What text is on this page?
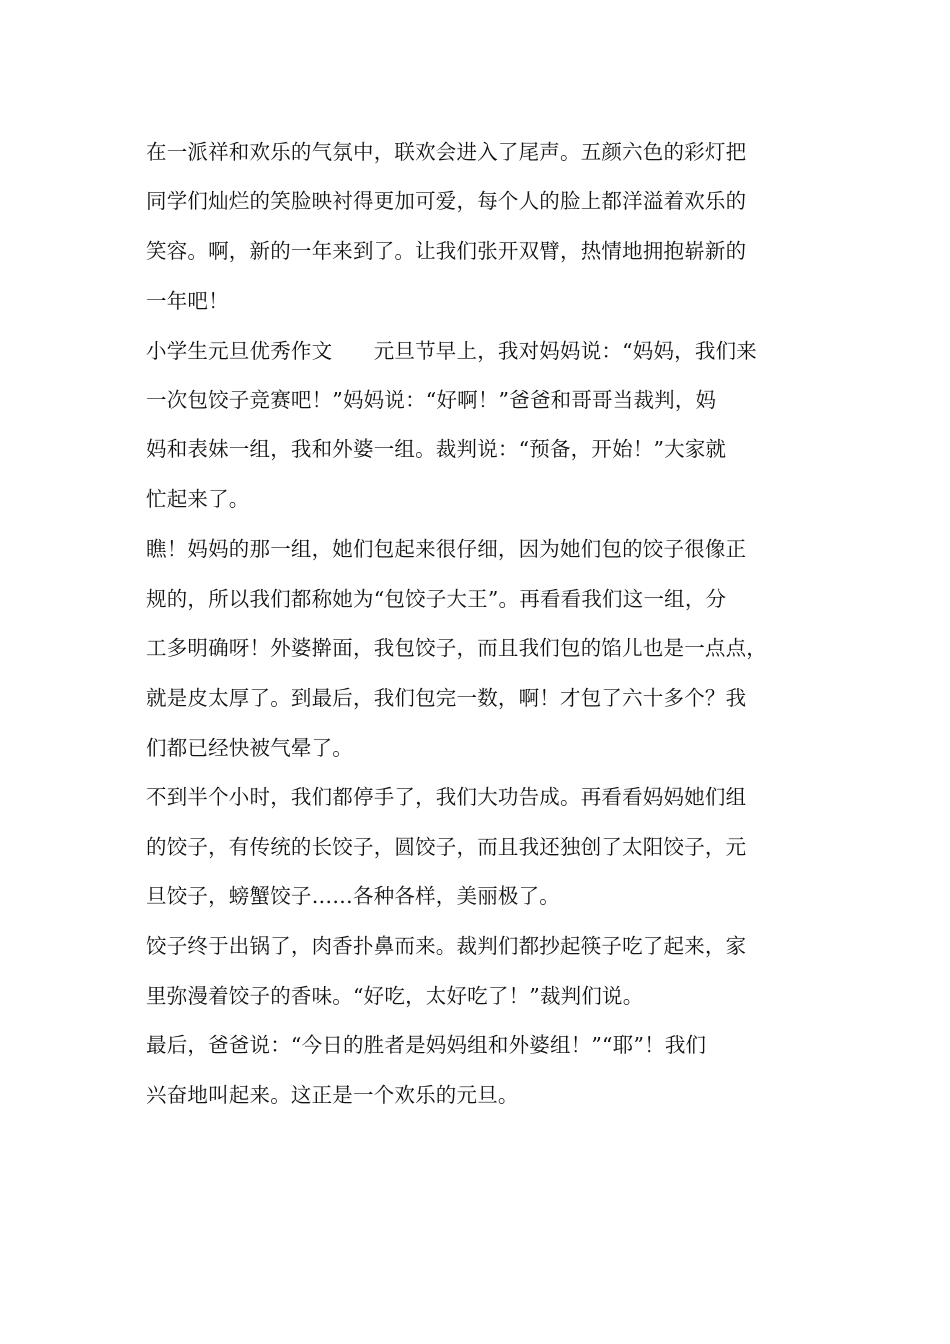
在一派祥和欢乐的气氛中，联欢会进入了尾声。五颜六色的彩灯把
同学们灿烂的笑脸映衬得更加可爱，每个人的脸上都洋溢着欢乐的
笑容。啊，新的一年来到了。让我们张开双臂，热情地拥抱崭新的
一年吧！
小学生元旦优秀作文　　元旦节早上，我对妈妈说：“妈妈，我们来
一次包饺子竞赛吧！”妈妈说：“好啊！”爸爸和哥哥当裁判，妈
妈和表妹一组，我和外婆一组。裁判说：“预备，开始！”大家就
忙起来了。
瞧！妈妈的那一组，她们包起来很仔细，因为她们包的饺子很像正
规的，所以我们都称她为“包饺子大王”。再看看我们这一组，分
工多明确呀！外婆擀面，我包饺子，而且我们包的馅儿也是一点点，
就是皮太厚了。到最后，我们包完一数，啊！才包了六十多个？我
们都已经快被气晕了。
不到半个小时，我们都停手了，我们大功告成。再看看妈妈她们组
的饺子，有传统的长饺子，圆饺子，而且我还独创了太阳饺子，元
旦饺子，螃蟹饺子……各种各样，美丽极了。
饺子终于出锅了，肉香扑鼻而来。裁判们都抄起筷子吃了起来，家
里弥漫着饺子的香味。“好吃，太好吃了！”裁判们说。
最后，爸爸说：“今日的胜者是妈妈组和外婆组！”“耶”！我们
兴奋地叫起来。这正是一个欢乐的元旦。
